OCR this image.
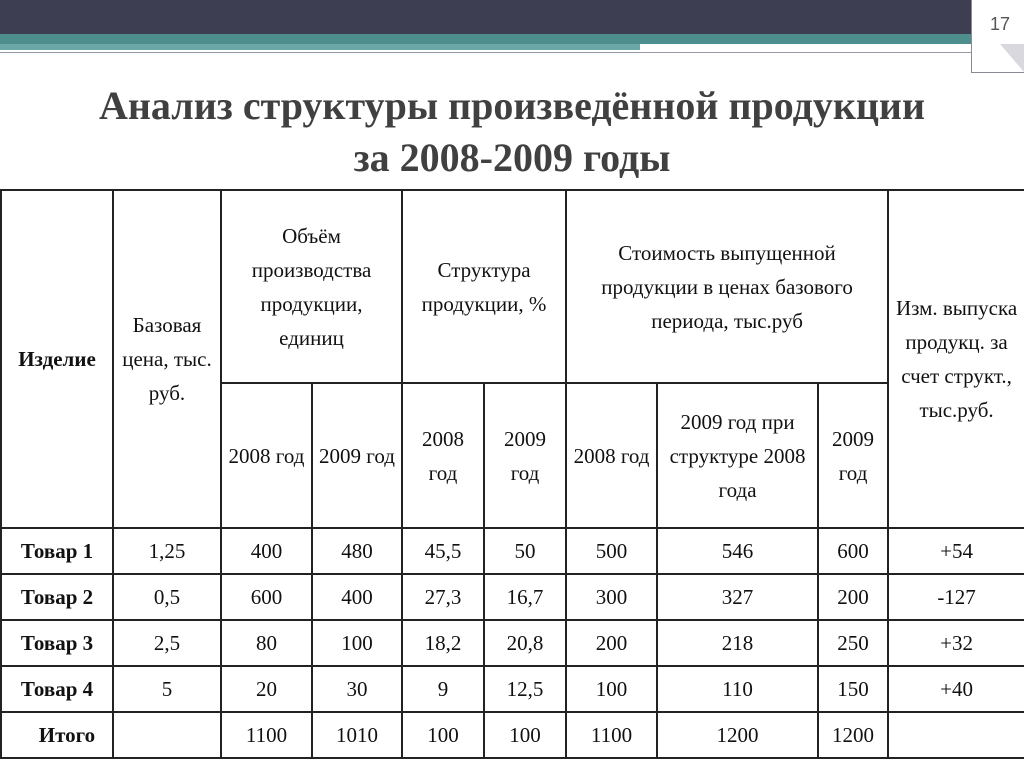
17
Анализ структуры произведённой продукции
за 2008-2009 годы
Изделие	Базовая цена, тыс. руб.	Объём производства продукции, единиц		Структура продукции, %		Стоимость выпущенной продукции в ценах базового периода, тыс.руб			Изм. выпуска продукц. за счет структ., тыс.руб.
		2008 год	2009 год	2008 год	2009 год	2008 год	2009 год при структуре 2008 года	2009 год	
Товар 1	1,25	400	480	45,5	50	500	546	600	+54
Товар 2	0,5	600	400	27,3	16,7	300	327	200	-127
Товар 3	2,5	80	100	18,2	20,8	200	218	250	+32
Товар 4	5	20	30	9	12,5	100	110	150	+40
Итого		1100	1010	100	100	1100	1200	1200	
